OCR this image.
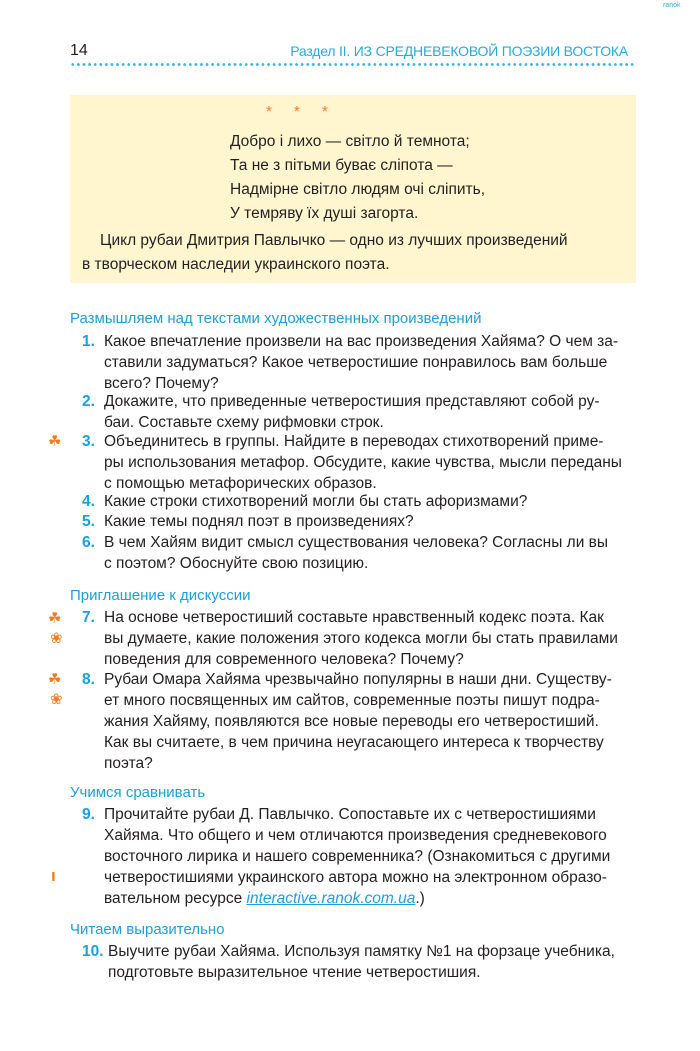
ranok
14	Раздел II. ИЗ СРЕДНЕВЕКОВОЙ ПОЭЗИИ ВОСТОКА
* * *
Добро і лихо — світло й темнота;
Та не з пітьми буває сліпота —
Надмірне світло людям очі сліпить,
У темряву їх душі загорта.
Цикл рубаи Дмитрия Павлычко — одно из лучших произведений
в творческом наследии украинского поэта.
Размышляем над текстами художественных произведений
1. Какое впечатление произвели на вас произведения Хайяма? О чем за-
ставили задуматься? Какое четверостишие понравилось вам больше
всего? Почему?
2. Докажите, что приведенные четверостишия представляют собой ру-
баи. Составьте схему рифмовки строк.
☘ 3. Объединитесь в группы. Найдите в переводах стихотворений приме-
ры использования метафор. Обсудите, какие чувства, мысли переданы
с помощью метафорических образов.
4. Какие строки стихотворений могли бы стать афоризмами?
5. Какие темы поднял поэт в произведениях?
6. В чем Хайям видит смысл существования человека? Согласны ли вы
с поэтом? Обоснуйте свою позицию.
Приглашение к дискуссии
☘
❀
7. На основе четверостиший составьте нравственный кодекс поэта. Как
вы думаете, какие положения этого кодекса могли бы стать правилами
поведения для современного человека? Почему?
☘
❀
8. Рубаи Омара Хайяма чрезвычайно популярны в наши дни. Существу-
ет много посвященных им сайтов, современные поэты пишут подра-
жания Хайяму, появляются все новые переводы его четверостиший.
Как вы считаете, в чем причина неугасающего интереса к творчеству
поэта?
Учимся сравнивать
ı
9. Прочитайте рубаи Д. Павлычко. Сопоставьте их с четверостишиями
Хайяма. Что общего и чем отличаются произведения средневекового
восточного лирика и нашего современника? (Ознакомиться с другими
четверостишиями украинского автора можно на электронном образо-
вательном ресурсе interactive.ranok.com.ua.)
Читаем выразительно
10. Выучите рубаи Хайяма. Используя памятку №1 на форзаце учебника,
подготовьте выразительное чтение четверостишия.
